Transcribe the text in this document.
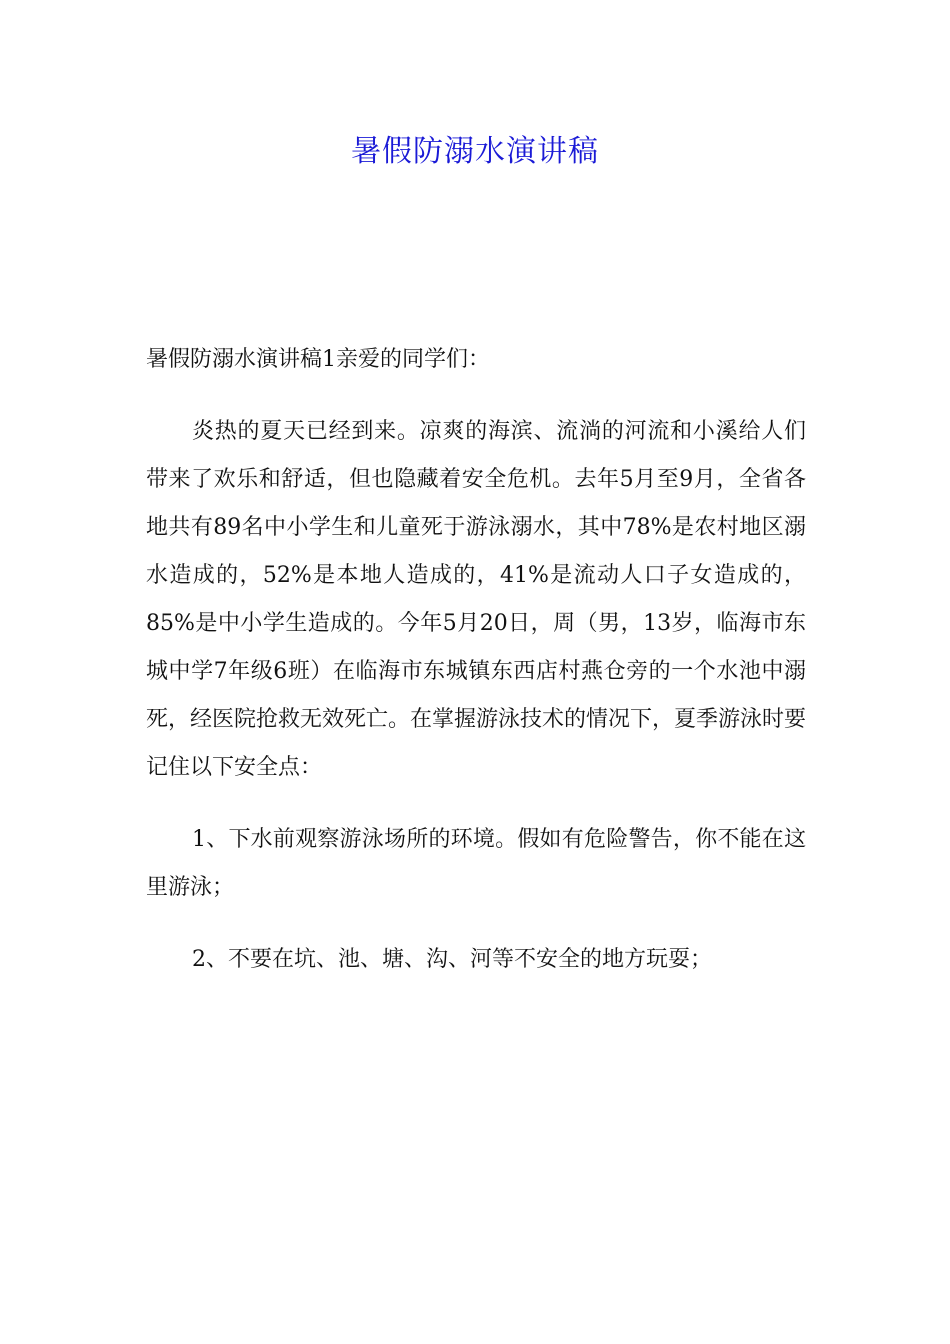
暑假防溺水演讲稿

暑假防溺水演讲稿1亲爱的同学们：

炎热的夏天已经到来。凉爽的海滨、流淌的河流和小溪给人们带来了欢乐和舒适，但也隐藏着安全危机。去年5月至9月，全省各地共有89名中小学生和儿童死于游泳溺水，其中78%是农村地区溺水造成的，52%是本地人造成的，41%是流动人口子女造成的，85%是中小学生造成的。今年5月20日，周（男，13岁，临海市东城中学7年级6班）在临海市东城镇东西店村燕仓旁的一个水池中溺死，经医院抢救无效死亡。在掌握游泳技术的情况下，夏季游泳时要记住以下安全点：

1、下水前观察游泳场所的环境。假如有危险警告，你不能在这里游泳；

2、不要在坑、池、塘、沟、河等不安全的地方玩耍；
